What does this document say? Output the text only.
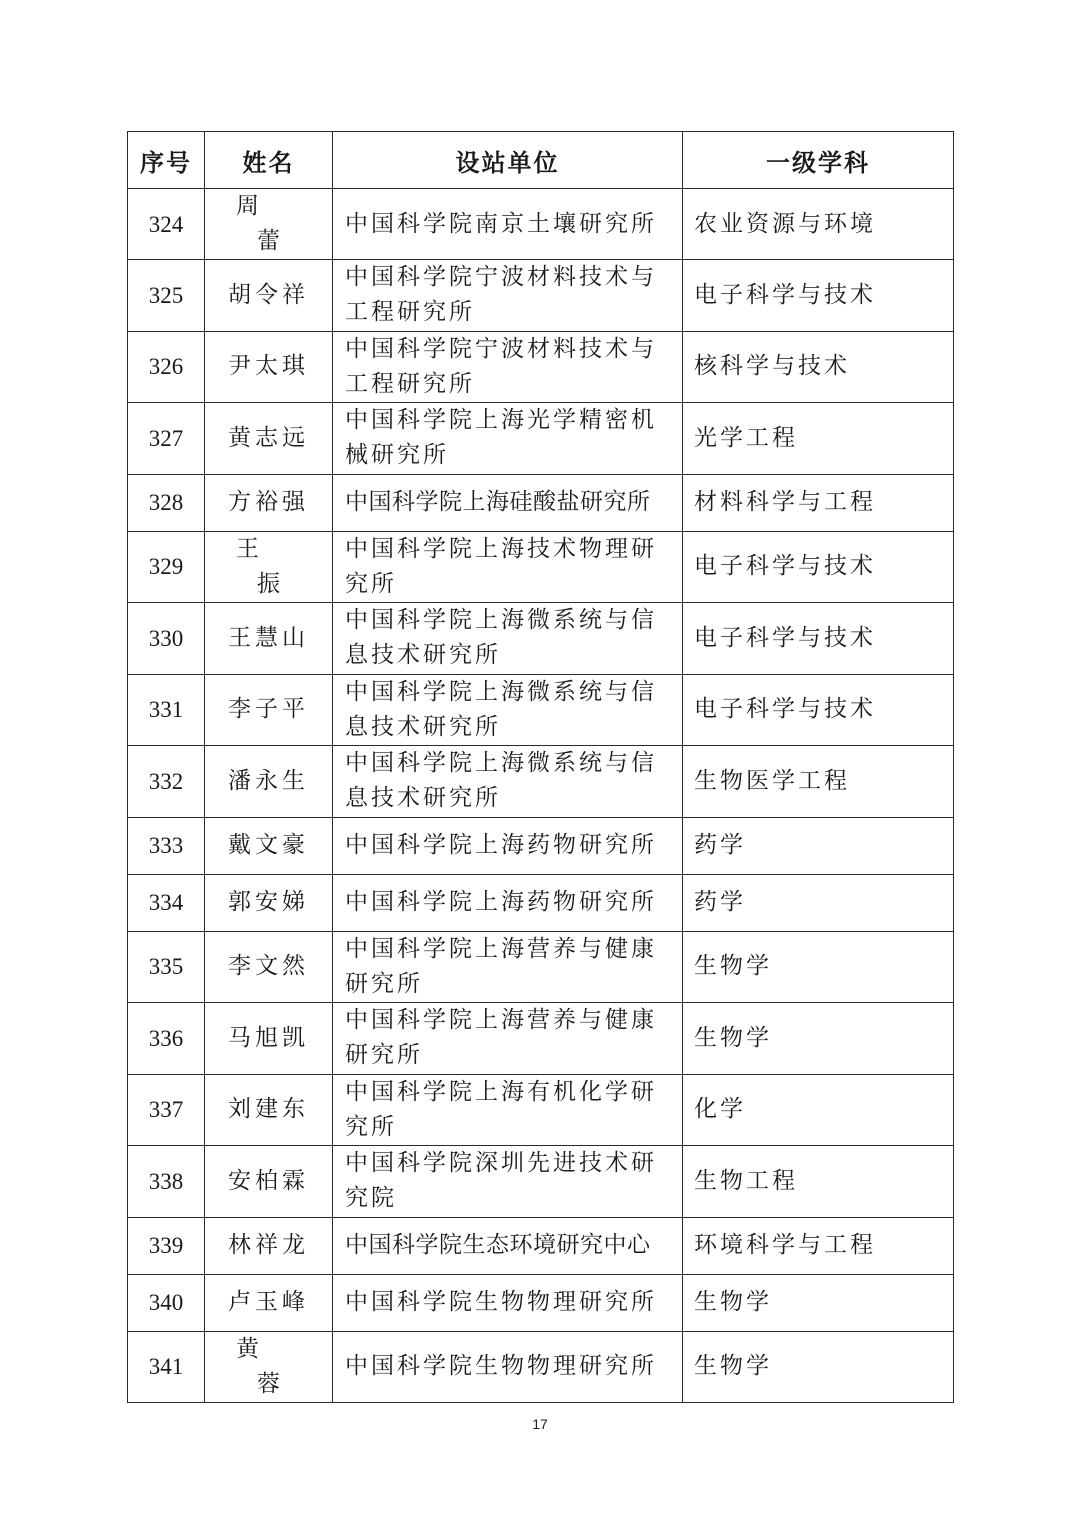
序号	姓名	设站单位	一级学科
324	周蕾	中国科学院南京土壤研究所	农业资源与环境
325	胡令祥	中国科学院宁波材料技术与工程研究所	电子科学与技术
326	尹太琪	中国科学院宁波材料技术与工程研究所	核科学与技术
327	黄志远	中国科学院上海光学精密机械研究所	光学工程
328	方裕强	中国科学院上海硅酸盐研究所	材料科学与工程
329	王振	中国科学院上海技术物理研究所	电子科学与技术
330	王慧山	中国科学院上海微系统与信息技术研究所	电子科学与技术
331	李子平	中国科学院上海微系统与信息技术研究所	电子科学与技术
332	潘永生	中国科学院上海微系统与信息技术研究所	生物医学工程
333	戴文豪	中国科学院上海药物研究所	药学
334	郭安娣	中国科学院上海药物研究所	药学
335	李文然	中国科学院上海营养与健康研究所	生物学
336	马旭凯	中国科学院上海营养与健康研究所	生物学
337	刘建东	中国科学院上海有机化学研究所	化学
338	安柏霖	中国科学院深圳先进技术研究院	生物工程
339	林祥龙	中国科学院生态环境研究中心	环境科学与工程
340	卢玉峰	中国科学院生物物理研究所	生物学
341	黄蓉	中国科学院生物物理研究所	生物学
17
